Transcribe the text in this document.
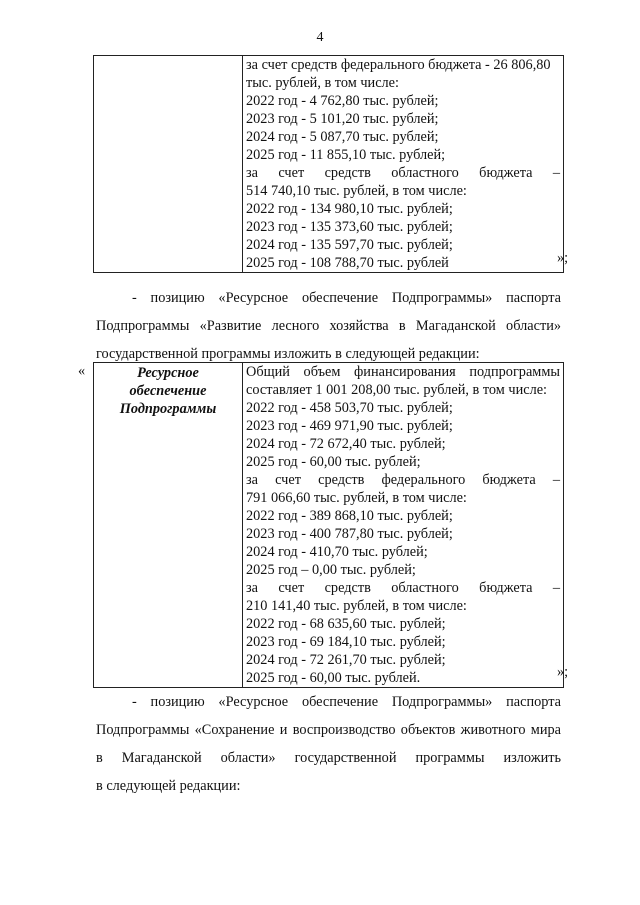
4

за счет средств федерального бюджета - 26 806,80
тыс. рублей, в том числе:
2022 год - 4 762,80 тыс. рублей;
2023 год - 5 101,20 тыс. рублей;
2024 год - 5 087,70 тыс. рублей;
2025 год - 11 855,10 тыс. рублей;
за счет средств областного бюджета –
514 740,10 тыс. рублей, в том числе:
2022 год - 134 980,10 тыс. рублей;
2023 год - 135 373,60 тыс. рублей;
2024 год - 135 597,70 тыс. рублей;
2025 год - 108 788,70 тыс. рублей	»;
- позицию «Ресурсное обеспечение Подпрограммы» паспорта
Подпрограммы «Развитие лесного хозяйства в Магаданской области»
государственной программы изложить в следующей редакции:
«	Ресурсное обеспечение Подпрограммы	
Общий объем финансирования подпрограммы
составляет 1 001 208,00 тыс. рублей, в том числе:
2022 год - 458 503,70 тыс. рублей;
2023 год - 469 971,90 тыс. рублей;
2024 год - 72 672,40 тыс. рублей;
2025 год - 60,00 тыс. рублей;
за счет средств федерального бюджета –
791 066,60 тыс. рублей, в том числе:
2022 год - 389 868,10 тыс. рублей;
2023 год - 400 787,80 тыс. рублей;
2024 год - 410,70 тыс. рублей;
2025 год – 0,00 тыс. рублей;
за счет средств областного бюджета –
210 141,40 тыс. рублей, в том числе:
2022 год - 68 635,60 тыс. рублей;
2023 год - 69 184,10 тыс. рублей;
2024 год - 72 261,70 тыс. рублей;
2025 год - 60,00 тыс. рублей.	»;
- позицию «Ресурсное обеспечение Подпрограммы» паспорта
Подпрограммы «Сохранение и воспроизводство объектов животного мира
в Магаданской области» государственной программы изложить
в следующей редакции:
